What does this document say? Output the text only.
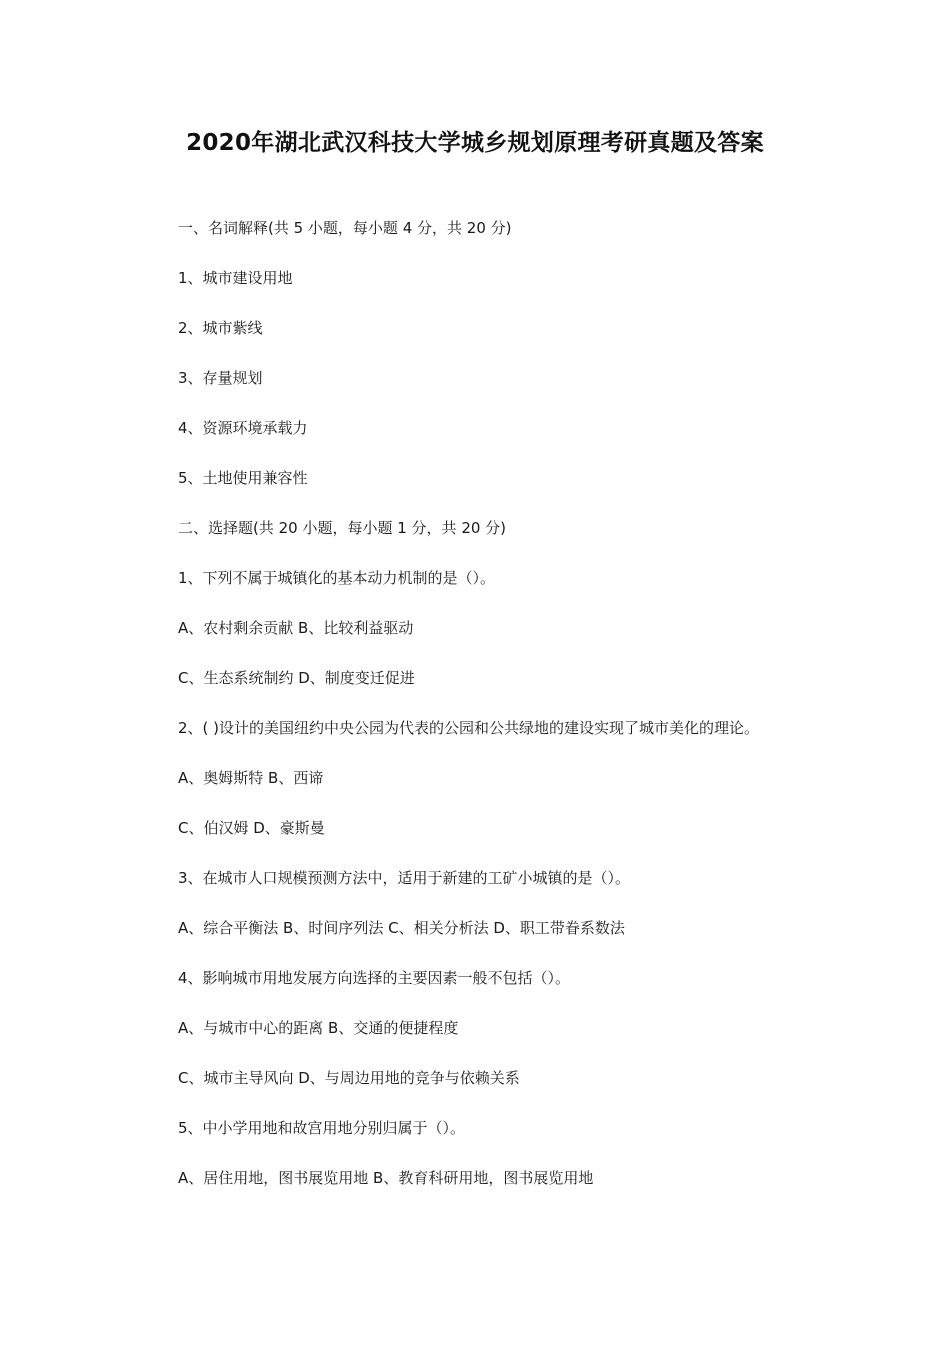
2020年湖北武汉科技大学城乡规划原理考研真题及答案
一、名词解释(共 5 小题，每小题 4 分，共 20 分)
1、城市建设用地
2、城市紫线
3、存量规划
4、资源环境承载力
5、土地使用兼容性
二、选择题(共 20 小题，每小题 1 分，共 20 分)
1、下列不属于城镇化的基本动力机制的是（）。
A、农村剩余贡献 B、比较利益驱动
C、生态系统制约 D、制度变迁促进
2、( )设计的美国纽约中央公园为代表的公园和公共绿地的建设实现了城市美化的理论。
A、奥姆斯特 B、西谛
C、伯汉姆 D、豪斯曼
3、在城市人口规模预测方法中，适用于新建的工矿小城镇的是（）。
A、综合平衡法 B、时间序列法 C、相关分析法 D、职工带眷系数法
4、影响城市用地发展方向选择的主要因素一般不包括（）。
A、与城市中心的距离 B、交通的便捷程度
C、城市主导风向 D、与周边用地的竞争与依赖关系
5、中小学用地和故宫用地分别归属于（）。
A、居住用地，图书展览用地 B、教育科研用地，图书展览用地
